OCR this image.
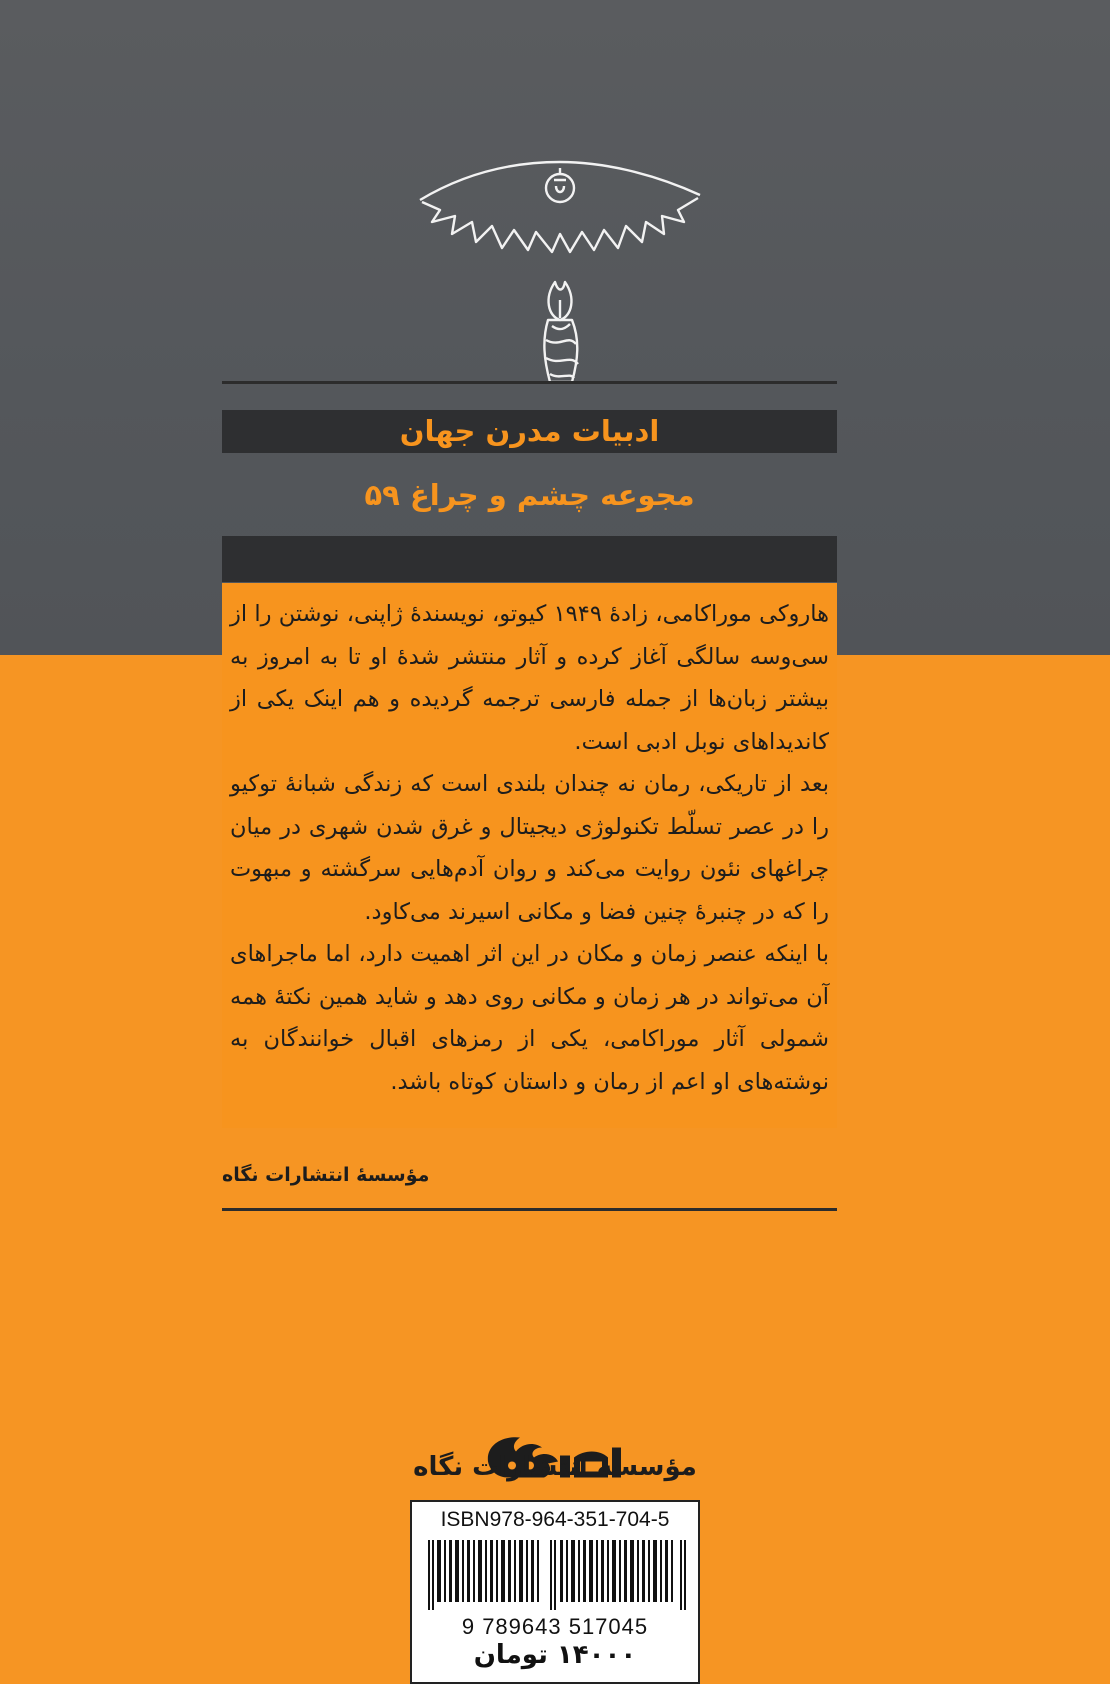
ادبیات مدرن جهان
مجوعه چشم و چراغ ۵۹

هاروکی موراکامی، زادهٔ ۱۹۴۹ کیوتو، نویسندهٔ ژاپنی، نوشتن را از سی‌وسه سالگی آغاز کرده و آثار منتشر شدهٔ او تا به امروز به بیشتر زبان‌ها از جمله فارسی ترجمه گردیده و هم اینک یکی از کاندیداهای نوبل ادبی است.

بعد از تاریکی، رمان نه چندان بلندی است که زندگی شبانهٔ توکیو را در عصر تسلّط تکنولوژی دیجیتال و غرق شدن شهری در میان چراغهای نئون روایت می‌کند و روان آدم‌هایی سرگشته و مبهوت را که در چنبرهٔ چنین فضا و مکانی اسیرند می‌کاود.

با اینکه عنصر زمان و مکان در این اثر اهمیت دارد، اما ماجراهای آن می‌تواند در هر زمان و مکانی روی دهد و شاید همین نکتهٔ همه شمولی آثار موراکامی، یکی از رمزهای اقبال خوانندگان به نوشته‌های او اعم از رمان و داستان کوتاه باشد.

مؤسسهٔ انتشارات نگاه
مؤسسهٔ انتشارات نگاه
ISBN978-964-351-704-5
9 789643 517045
۱۴۰۰۰ تومان
